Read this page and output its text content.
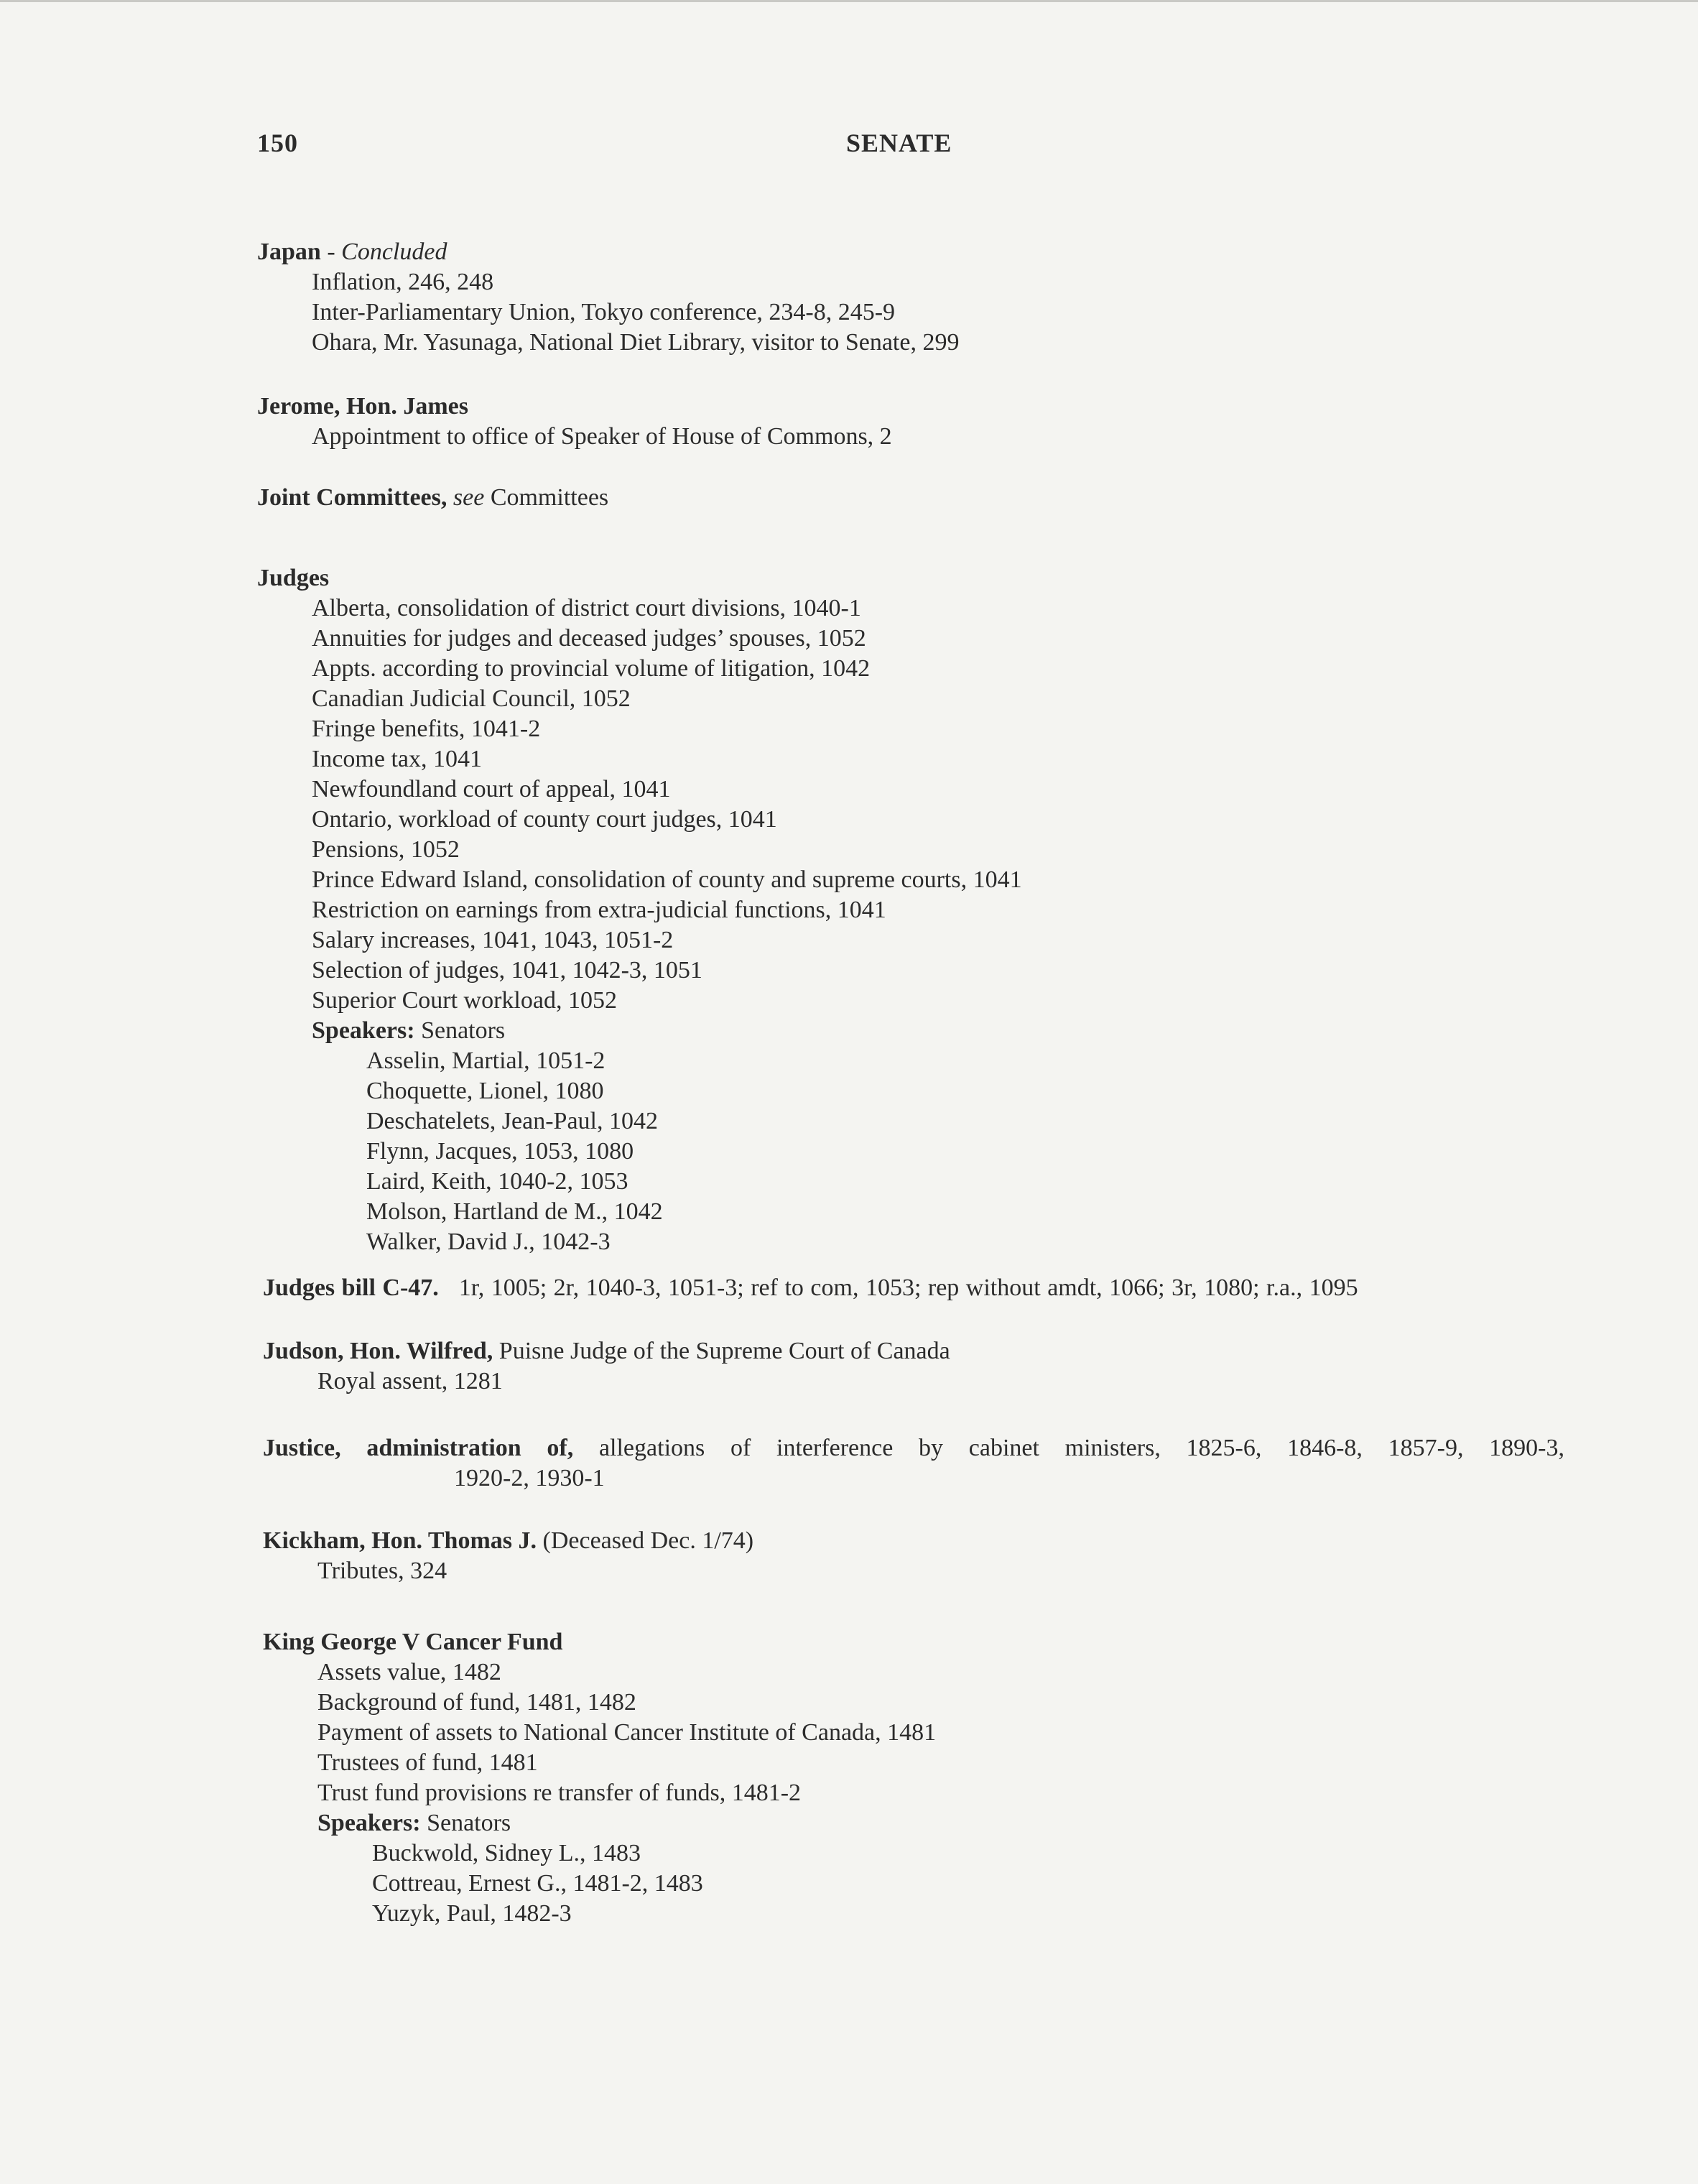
150	SENATE
Japan - Concluded
Inflation, 246, 248
Inter-Parliamentary Union, Tokyo conference, 234-8, 245-9
Ohara, Mr. Yasunaga, National Diet Library, visitor to Senate, 299
Jerome, Hon. James
Appointment to office of Speaker of House of Commons, 2
Joint Committees, see Committees
Judges
Alberta, consolidation of district court divisions, 1040-1
Annuities for judges and deceased judges’ spouses, 1052
Appts. according to provincial volume of litigation, 1042
Canadian Judicial Council, 1052
Fringe benefits, 1041-2
Income tax, 1041
Newfoundland court of appeal, 1041
Ontario, workload of county court judges, 1041
Pensions, 1052
Prince Edward Island, consolidation of county and supreme courts, 1041
Restriction on earnings from extra-judicial functions, 1041
Salary increases, 1041, 1043, 1051-2
Selection of judges, 1041, 1042-3, 1051
Superior Court workload, 1052
Speakers: Senators
Asselin, Martial, 1051-2
Choquette, Lionel, 1080
Deschatelets, Jean-Paul, 1042
Flynn, Jacques, 1053, 1080
Laird, Keith, 1040-2, 1053
Molson, Hartland de M., 1042
Walker, David J., 1042-3
Judges bill C-47. 1r, 1005; 2r, 1040-3, 1051-3; ref to com, 1053; rep without amdt, 1066; 3r, 1080; r.a., 1095
Judson, Hon. Wilfred, Puisne Judge of the Supreme Court of Canada
Royal assent, 1281
Justice, administration of, allegations of interference by cabinet ministers, 1825-6, 1846-8, 1857-9, 1890-3,
1920-2, 1930-1
Kickham, Hon. Thomas J. (Deceased Dec. 1/74)
Tributes, 324
King George V Cancer Fund
Assets value, 1482
Background of fund, 1481, 1482
Payment of assets to National Cancer Institute of Canada, 1481
Trustees of fund, 1481
Trust fund provisions re transfer of funds, 1481-2
Speakers: Senators
Buckwold, Sidney L., 1483
Cottreau, Ernest G., 1481-2, 1483
Yuzyk, Paul, 1482-3
